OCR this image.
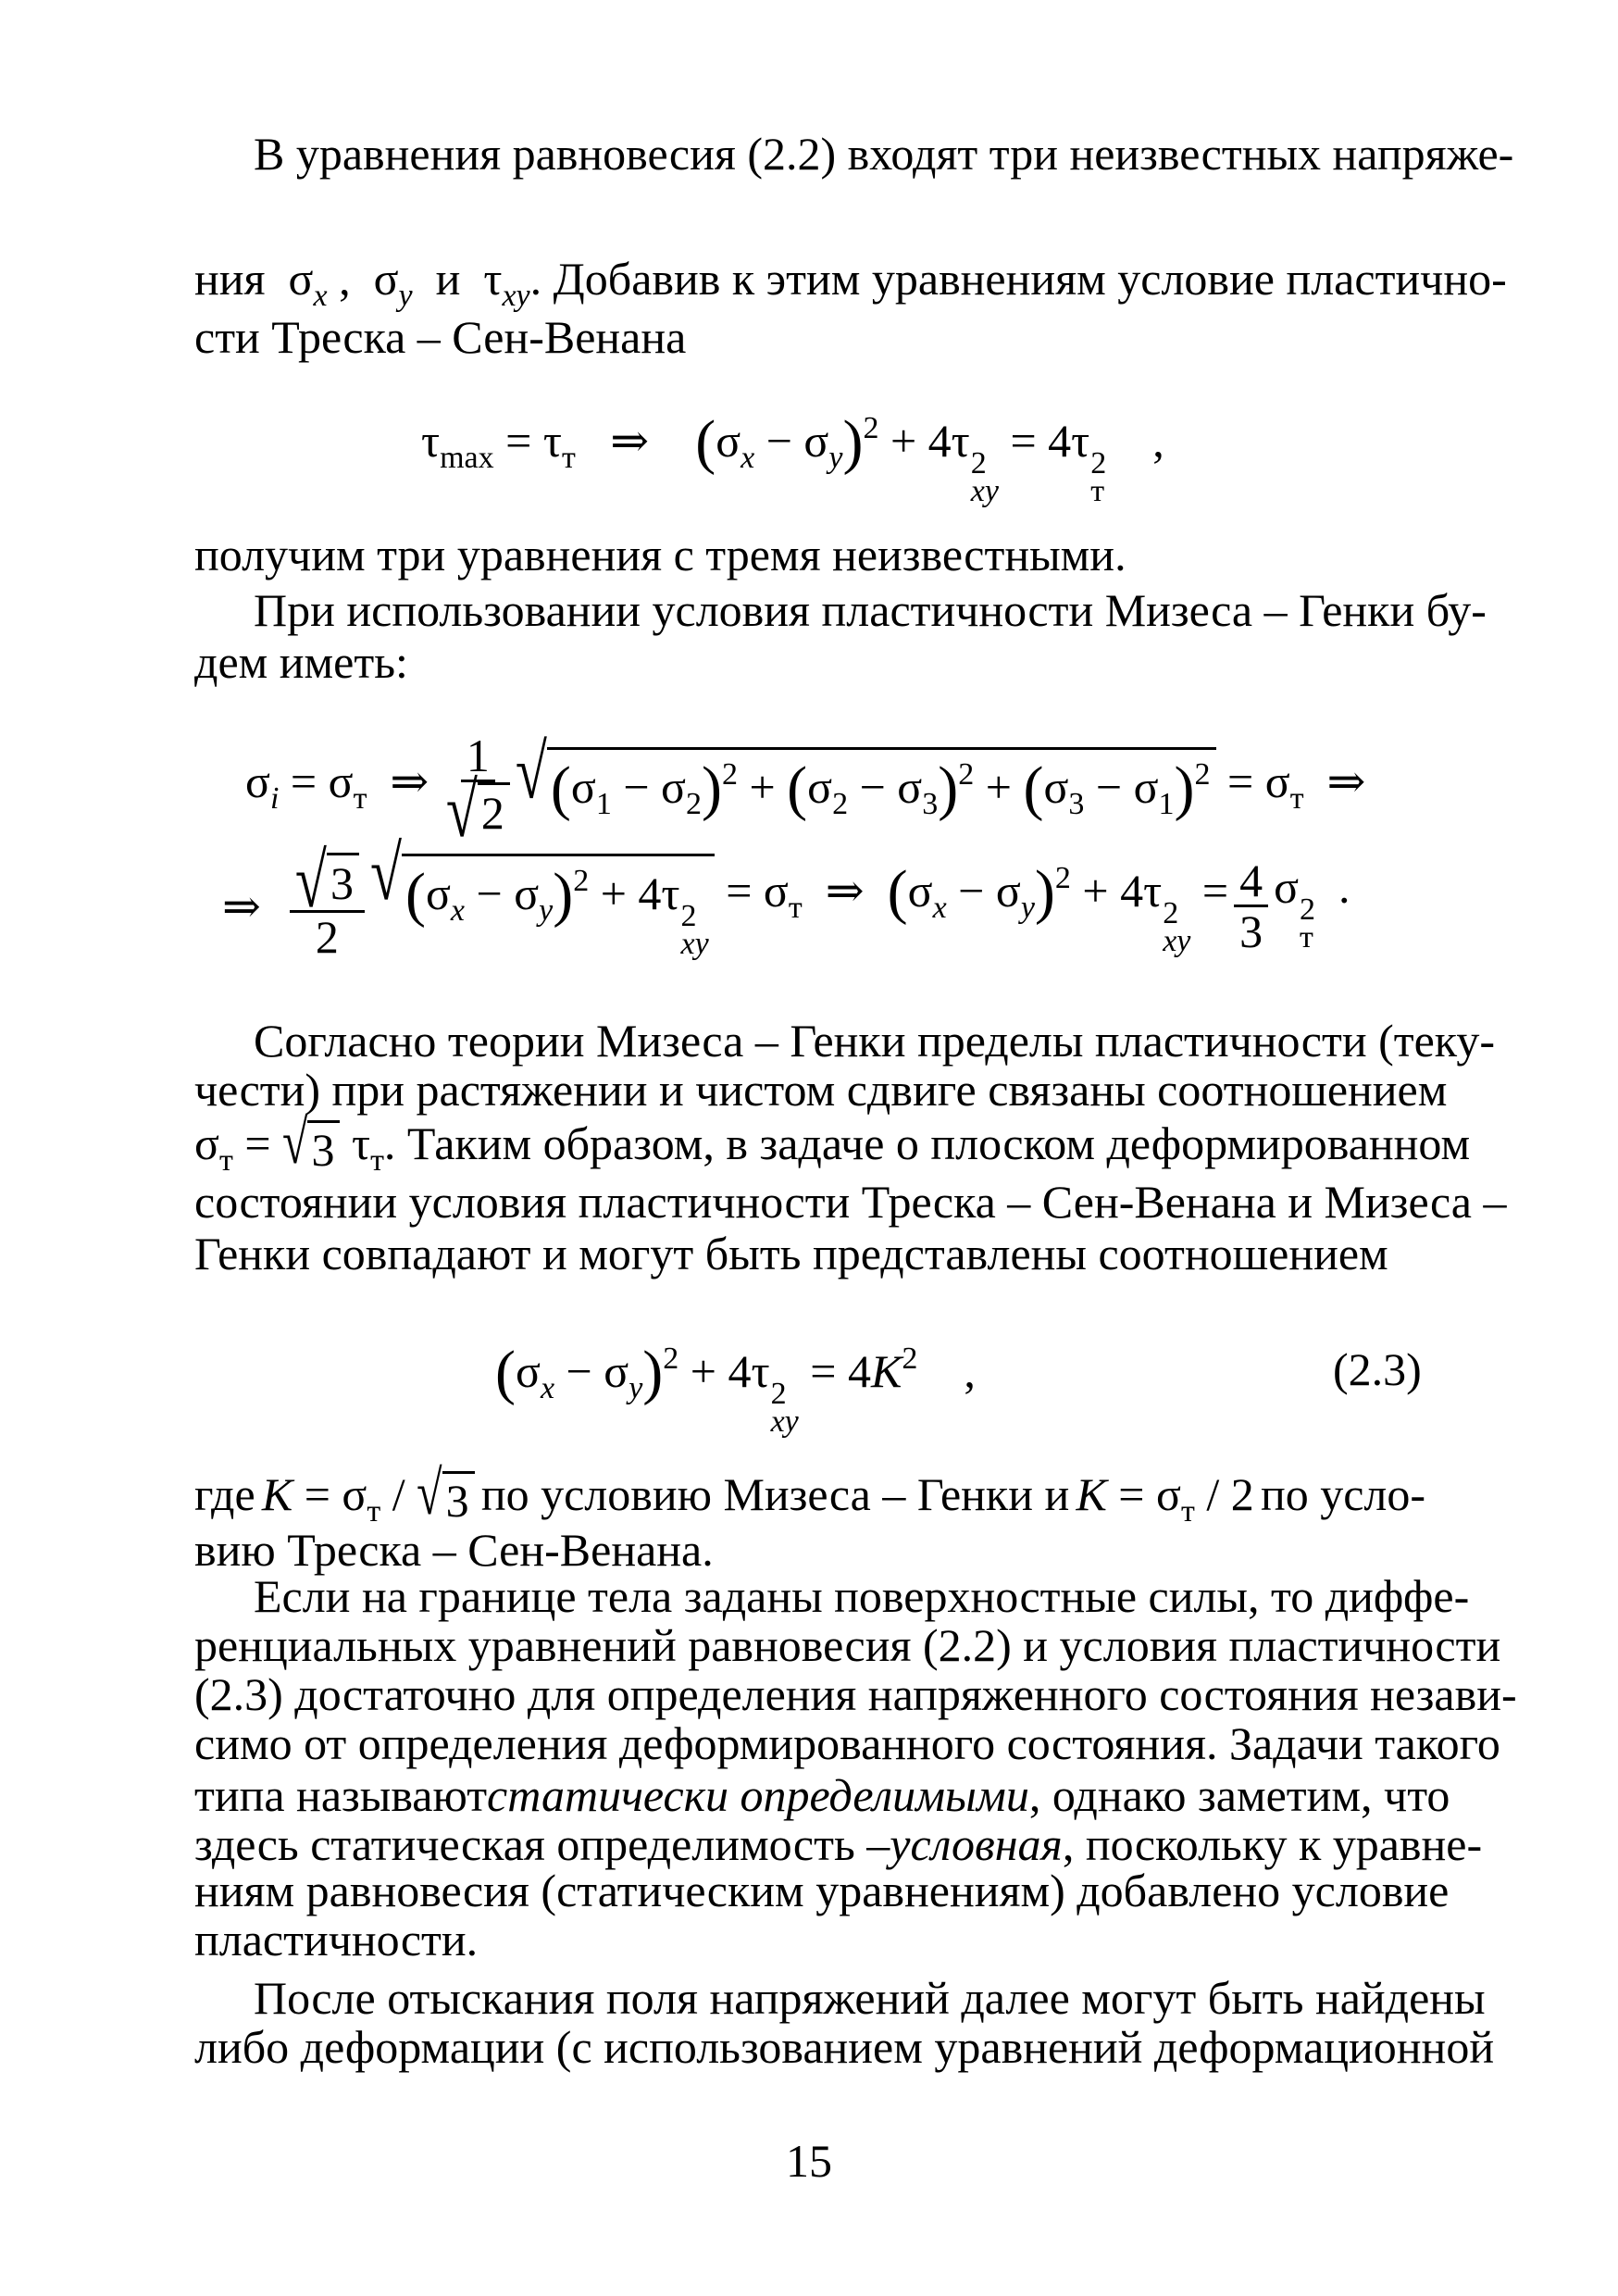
В уравнения равновесия (2.2) входят три неизвестных напряже-
ния  $\sigma_x$ ,  $\sigma_y$ и  $\tau_{xy}$. Добавив к этим уравнениям условие пластично-
сти Треска – Сен-Венана
$\tau_{max} = \tau_т$   ⇒    $(\sigma_x - \sigma_y)^2 + 4\tau$ 2
xy
= 4τ 2
т
,
получим три уравнения с тремя неизвестными.
При использовании условия пластичности Мизеса – Генки бу-
дем иметь:
$\sigma_i = \sigma_т$  ⇒ $\frac{1}{√ 2}$ √ $(\sigma_1 - \sigma_2)^2 + (\sigma_2 - \sigma_3)^2 + (\sigma_3 - \sigma_1)^2 = \sigma_т$  ⇒
⇒ $\frac{√ 3}{2}$ √ $(\sigma_x - \sigma_y)^2 + 4\tau$ 2
xy
= $\sigma_т$  ⇒  $(\sigma_x - \sigma_y)^2 + 4\tau$ 2
xy
= $\frac{4}{3}$ σ 2
т
.
Согласно теории Мизеса – Генки пределы пластичности (теку-
чести) при растяжении и чистом сдвиге связаны соотношением
$\sigma_т$ = √ 3 $\tau_т$. Таким образом, в задаче о плоском деформированном
состоянии условия пластичности Треска – Сен-Венана и Мизеса –
Генки совпадают и могут быть представлены соотношением
$(\sigma_x - \sigma_y)^2 + 4\tau$ 2
xy
= $4K^2$    ,	(2.3)
где $K = \sigma_т$ / √ 3 по условию Мизеса – Генки и $K = \sigma_т / 2$ по усло-
вию Треска – Сен-Венана.
Если на границе тела заданы поверхностные силы, то диффе-
ренциальных уравнений равновесия (2.2) и условия пластичности
(2.3) достаточно для определения напряженного состояния незави-
симо от определения деформированного состояния. Задачи такого
типа называют статически определимыми , однако заметим, что
здесь статическая определимость – условная , поскольку к уравне-
ниям равновесия (статическим уравнениям) добавлено условие
пластичности.
После отыскания поля напряжений далее могут быть найдены
либо деформации (с использованием уравнений деформационной
15
